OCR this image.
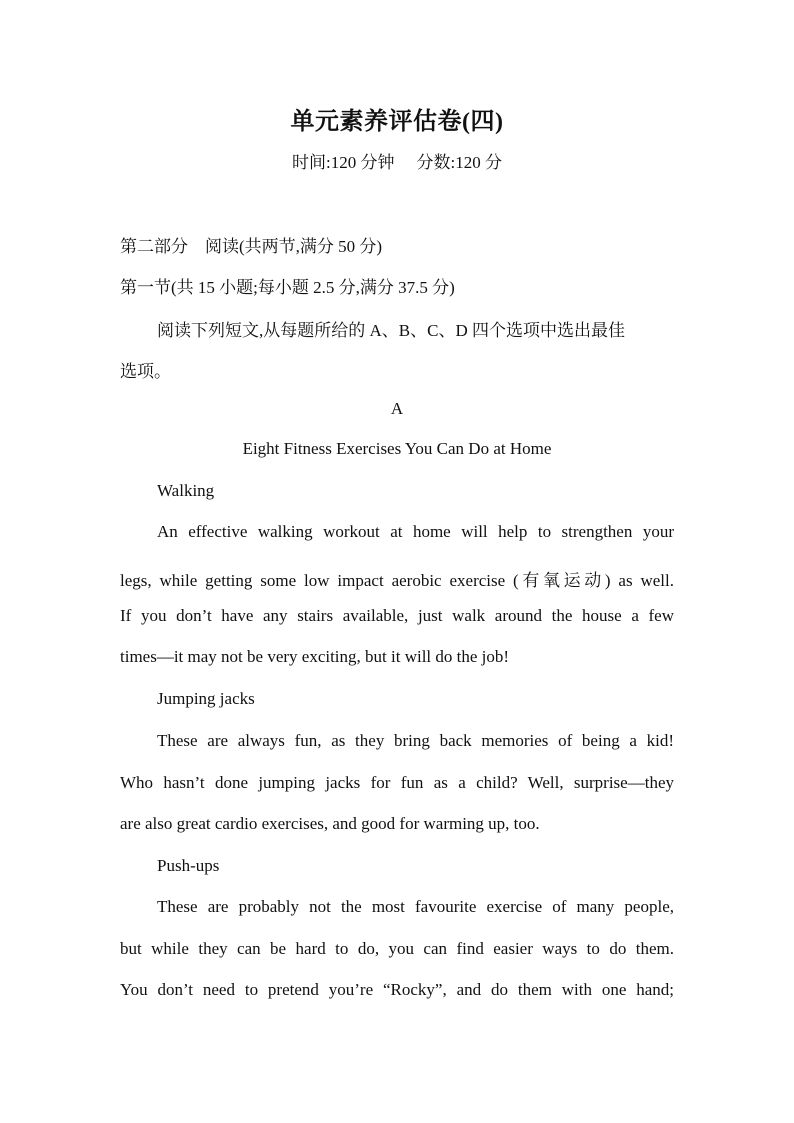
单元素养评估卷(四)
时间:120 分钟 分数:120 分
第二部分　阅读(共两节,满分 50 分)
第一节(共 15 小题;每小题 2.5 分,满分 37.5 分)
阅读下列短文,从每题所给的 A、B、C、D 四个选项中选出最佳
选项。
A
Eight Fitness Exercises You Can Do at Home
Walking
An effective walking workout at home will help to strengthen your
legs, while getting some low impact aerobic exercise (有氧运动) as well.
If you don’t have any stairs available, just walk around the house a few
times—it may not be very exciting, but it will do the job!
Jumping jacks
These are always fun, as they bring back memories of being a kid!
Who hasn’t done jumping jacks for fun as a child? Well, surprise—they
are also great cardio exercises, and good for warming up, too.
Push-ups
These are probably not the most favourite exercise of many people,
but while they can be hard to do, you can find easier ways to do them.
You don’t need to pretend you’re “Rocky”, and do them with one hand;
